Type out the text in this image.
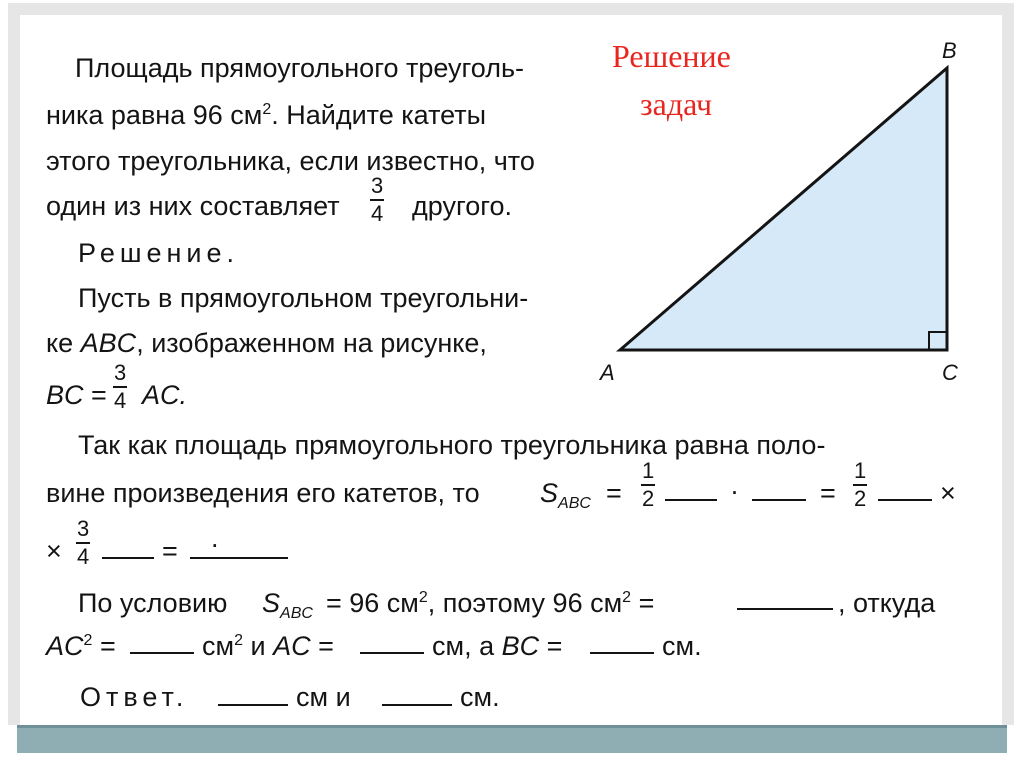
A
B
C
Решение
задач
Площадь прямоугольного треуголь-
ника равна 96 $см^2$. Найдите катеты
этого треугольника, если известно, что
один из них составляет
3
4 другого.
Решение.
Пусть в прямоугольном треугольни-
ке ABC, изображенном на рисунке,
BC =
3
4 AC.
Так как площадь прямоугольного треугольника равна поло-
вине произведения его катетов, то $S_{ABC}$ =
1
2	·	=
1
2	×
×
3
4	= .
По условию $S_{ABC} = 96$ $см^2$, поэтому 96 $см^2$ =	, откуда
$AC^2$ =	$см^2$ и AC =	см, а BC =	см.
Ответ.	см и	см.
